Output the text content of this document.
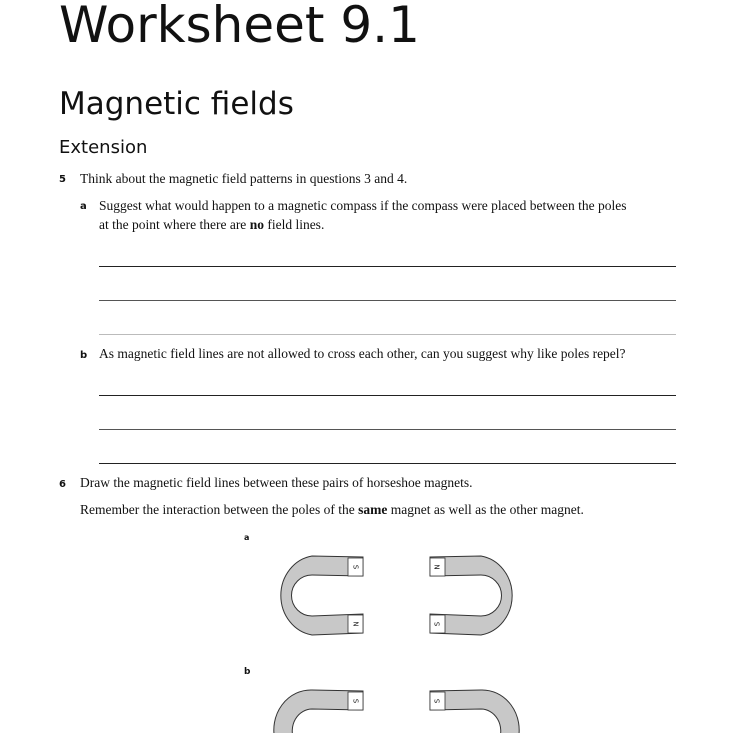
Worksheet 9.1
Magnetic fields
Extension
5 Think about the magnetic field patterns in questions 3 and 4.
a Suggest what would happen to a magnetic compass if the compass were placed between the poles
at the point where there are no field lines.
b As magnetic field lines are not allowed to cross each other, can you suggest why like poles repel?
6 Draw the magnetic field lines between these pairs of horseshoe magnets.
Remember the interaction between the poles of the same magnet as well as the other magnet.
a
b
S
N
N
S
S	S
